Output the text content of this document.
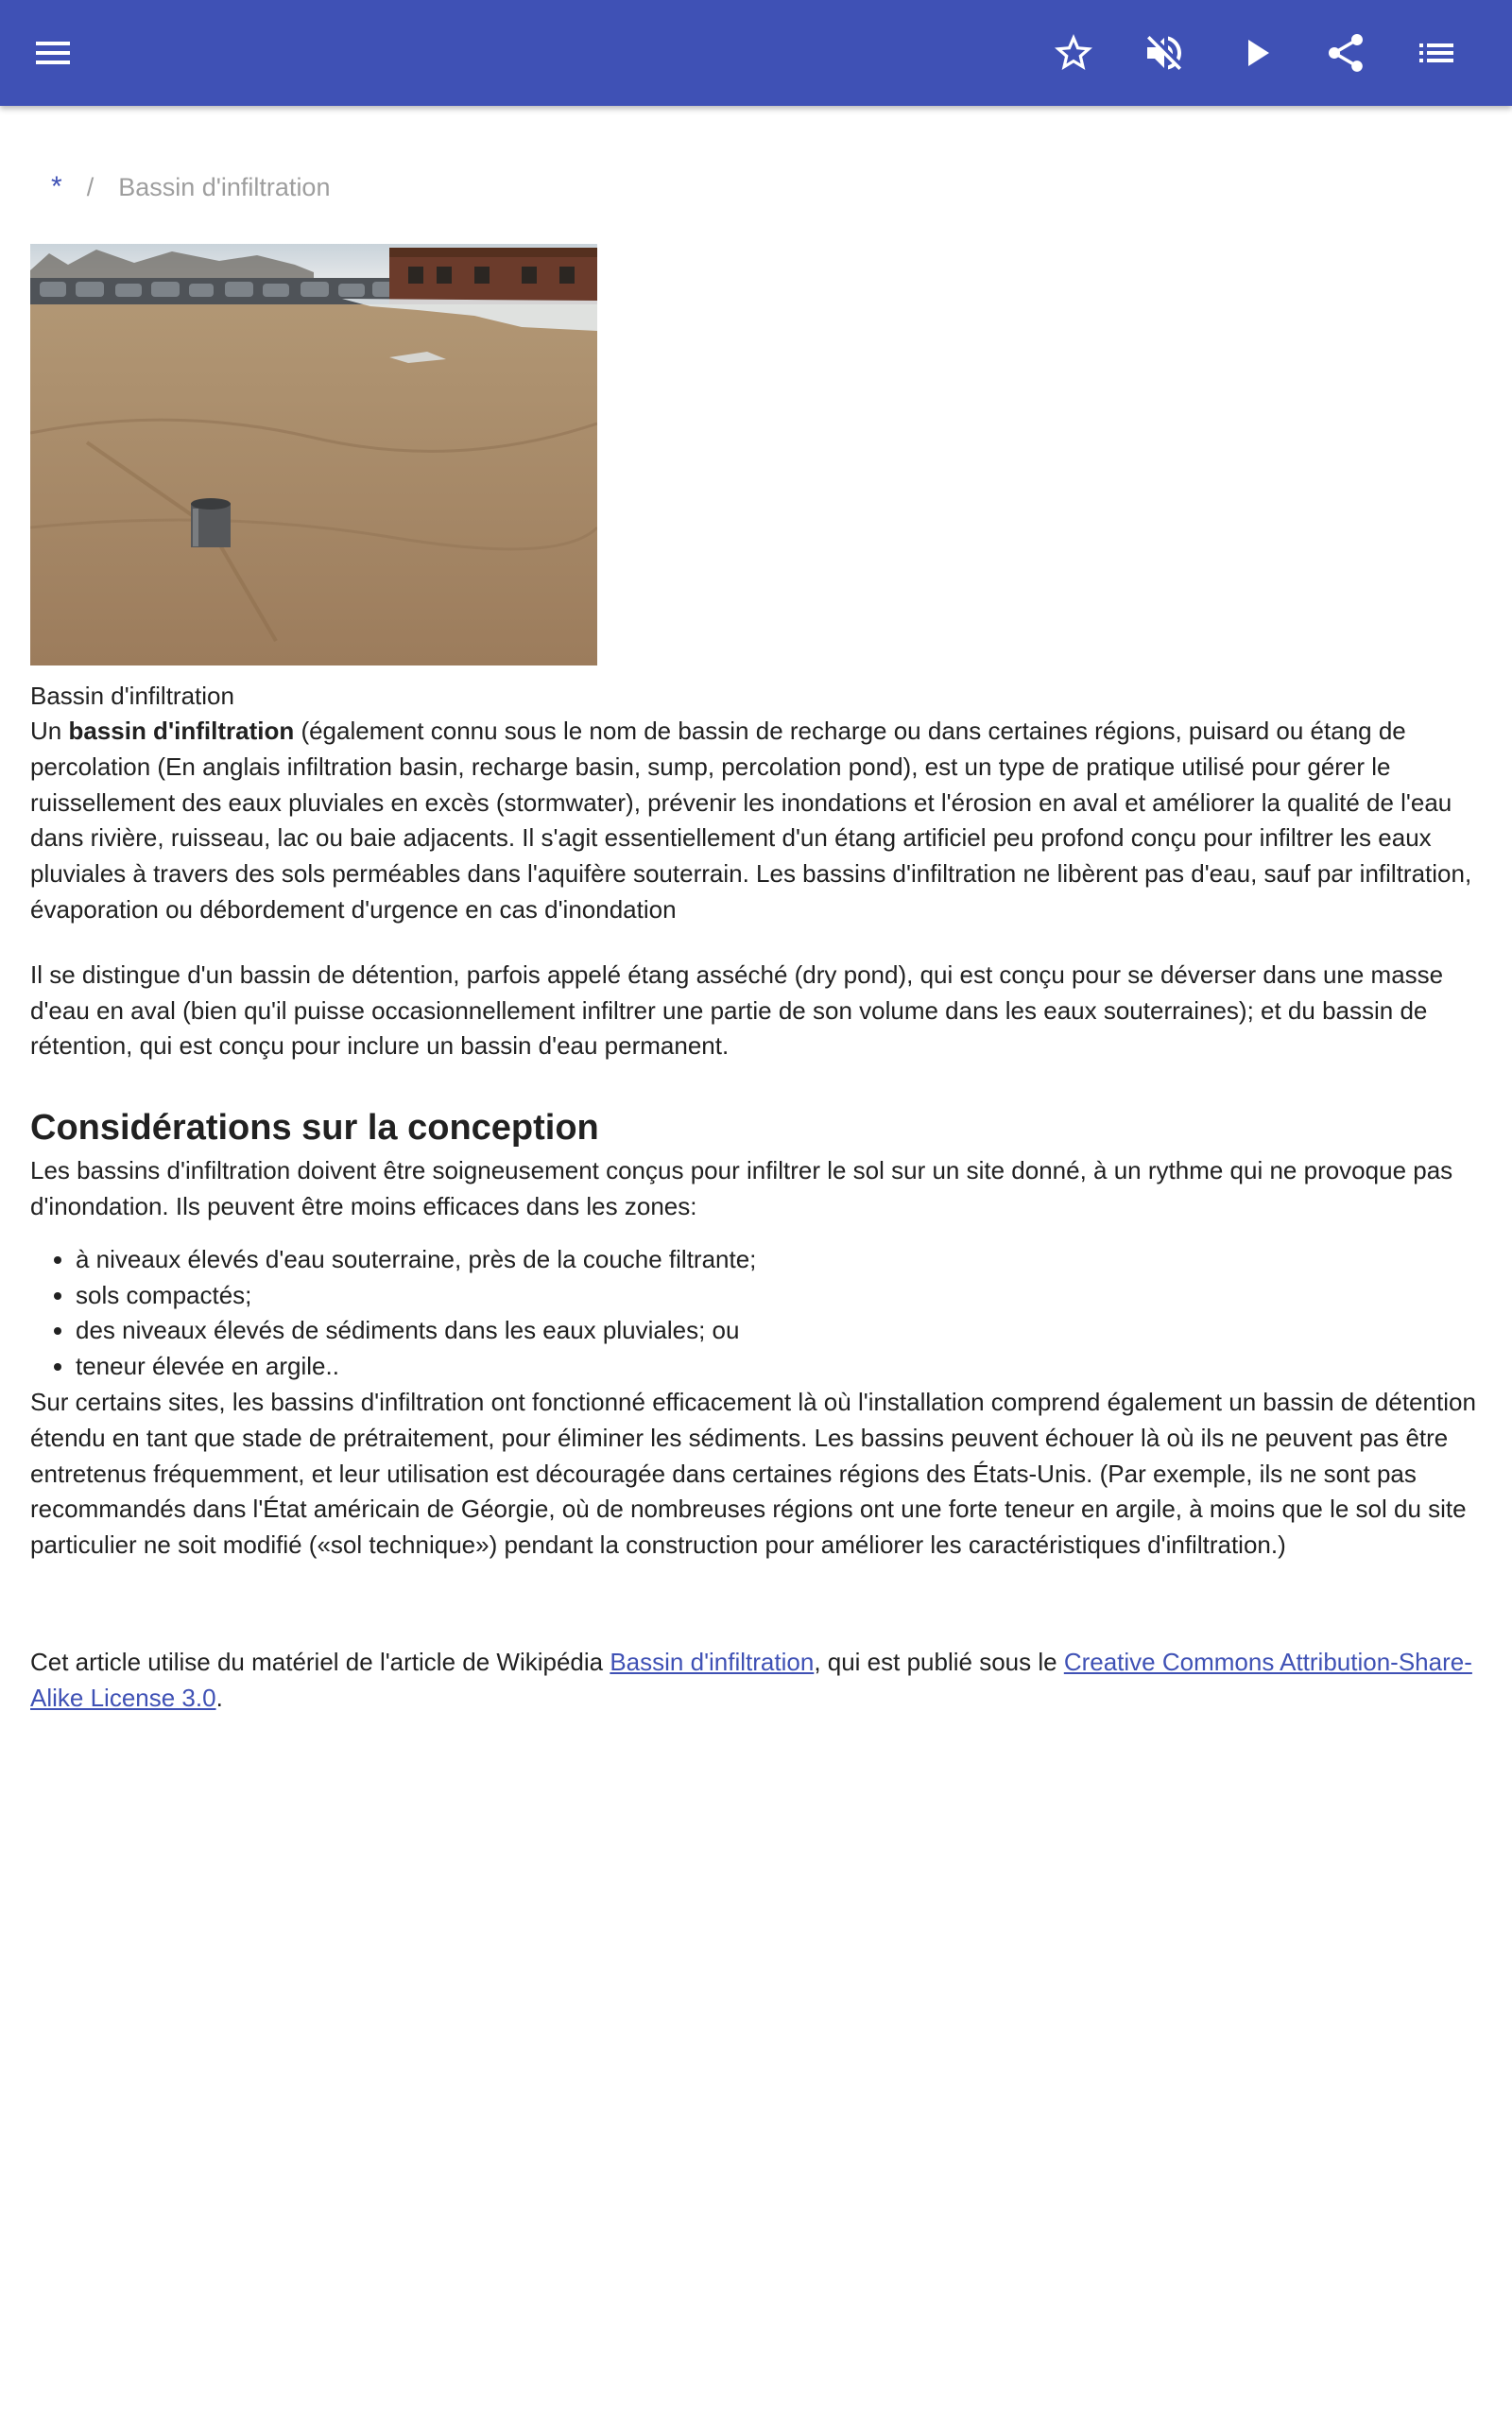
* / Bassin d'infiltration
Bassin d'infiltration

Un bassin d'infiltration (également connu sous le nom de bassin de recharge ou dans certaines régions, puisard ou étang de percolation (En anglais infiltration basin, recharge basin, sump, percolation pond), est un type de pratique utilisé pour gérer le ruissellement des eaux pluviales en excès (stormwater), prévenir les inondations et l'érosion en aval et améliorer la qualité de l'eau dans rivière, ruisseau, lac ou baie adjacents. Il s'agit essentiellement d'un étang artificiel peu profond conçu pour infiltrer les eaux pluviales à travers des sols perméables dans l'aquifère souterrain. Les bassins d'infiltration ne libèrent pas d'eau, sauf par infiltration, évaporation ou débordement d'urgence en cas d'inondation

Il se distingue d'un bassin de détention, parfois appelé étang asséché (dry pond), qui est conçu pour se déverser dans une masse d'eau en aval (bien qu'il puisse occasionnellement infiltrer une partie de son volume dans les eaux souterraines); et du bassin de rétention, qui est conçu pour inclure un bassin d'eau permanent.

Considérations sur la conception

Les bassins d'infiltration doivent être soigneusement conçus pour infiltrer le sol sur un site donné, à un rythme qui ne provoque pas d'inondation. Ils peuvent être moins efficaces dans les zones:

• à niveaux élevés d'eau souterraine, près de la couche filtrante;
• sols compactés;
• des niveaux élevés de sédiments dans les eaux pluviales; ou
• teneur élevée en argile..

Sur certains sites, les bassins d'infiltration ont fonctionné efficacement là où l'installation comprend également un bassin de détention étendu en tant que stade de prétraitement, pour éliminer les sédiments. Les bassins peuvent échouer là où ils ne peuvent pas être entretenus fréquemment, et leur utilisation est découragée dans certaines régions des États-Unis. (Par exemple, ils ne sont pas recommandés dans l'État américain de Géorgie, où de nombreuses régions ont une forte teneur en argile, à moins que le sol du site particulier ne soit modifié («sol technique») pendant la construction pour améliorer les caractéristiques d'infiltration.)

Cet article utilise du matériel de l'article de Wikipédia Bassin d'infiltration, qui est publié sous le Creative Commons Attribution-Share-Alike License 3.0.
